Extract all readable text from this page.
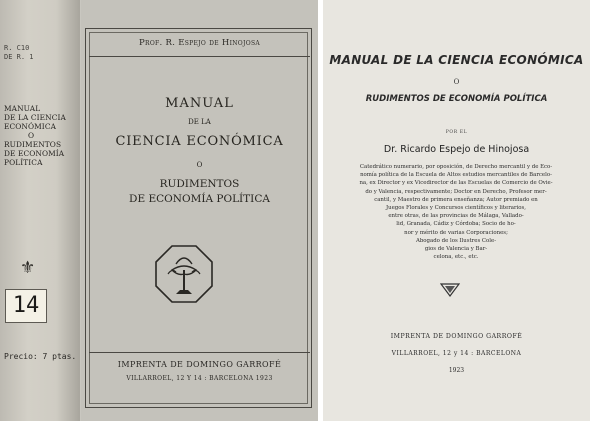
R. C10
DE R. 1
MANUAL
DE LA CIENCIA
ECONÓMICA
O
RUDIMENTOS
DE ECONOMÍA
POLÍTICA
⚜
14
Precio: 7 ptas.
Prof. R. Espejo de Hinojosa
MANUAL
DE LA
CIENCIA ECONÓMICA
O
RUDIMENTOS
DE ECONOMÍA POLÍTICA
IMPRENTA DE DOMINGO GARROFÉ
VILLARROEL, 12 Y 14 : BARCELONA 1923
MANUAL DE LA CIENCIA ECONÓMICA
O
RUDIMENTOS DE ECONOMÍA POLÍTICA
POR EL
Dr. Ricardo Espejo de Hinojosa
Catedrático numerario, por oposición, de Derecho mercantil y de Eco-
nomía política de la Escuela de Altos estudios mercantiles de Barcelo-
na, ex Director y ex Vicedirector de las Escuelas de Comercio de Ovie-
do y Valencia, respectivamente; Doctor en Derecho, Profesor mer-
cantil, y Maestro de primera enseñanza; Autor premiado en
Juegos Florales y Concursos científicos y literarios,
entre otras, de las provincias de Málaga, Vallado-
lid, Granada, Cádiz y Córdoba; Socio de ho-
nor y mérito de varias Corporaciones;
Abogado de los Ilustres Cole-
gios de Valencia y Bar-
celona, etc., etc.
IMPRENTA DE DOMINGO GARROFÉ
VILLARROEL, 12 y 14 : BARCELONA
1923
